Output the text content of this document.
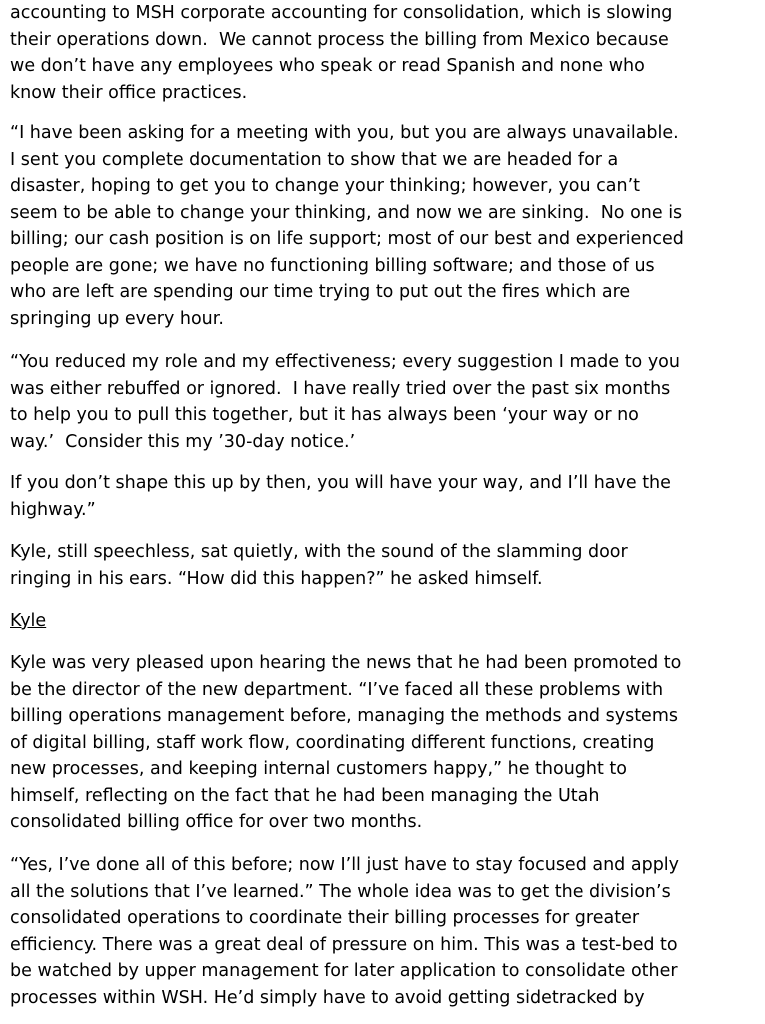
accounting to MSH corporate accounting for consolidation, which is slowing
their operations down.  We cannot process the billing from Mexico because
we don’t have any employees who speak or read Spanish and none who
know their office practices.
“I have been asking for a meeting with you, but you are always unavailable.
I sent you complete documentation to show that we are headed for a
disaster, hoping to get you to change your thinking; however, you can’t
seem to be able to change your thinking, and now we are sinking.  No one is
billing; our cash position is on life support; most of our best and experienced
people are gone; we have no functioning billing software; and those of us
who are left are spending our time trying to put out the fires which are
springing up every hour.
“You reduced my role and my effectiveness; every suggestion I made to you
was either rebuffed or ignored.  I have really tried over the past six months
to help you to pull this together, but it has always been ‘your way or no
way.’  Consider this my ’30-day notice.’
If you don’t shape this up by then, you will have your way, and I’ll have the
highway.”
Kyle, still speechless, sat quietly, with the sound of the slamming door
ringing in his ears. “How did this happen?” he asked himself.
Kyle
Kyle was very pleased upon hearing the news that he had been promoted to
be the director of the new department. “I’ve faced all these problems with
billing operations management before, managing the methods and systems
of digital billing, staff work flow, coordinating different functions, creating
new processes, and keeping internal customers happy,” he thought to
himself, reflecting on the fact that he had been managing the Utah
consolidated billing office for over two months.
“Yes, I’ve done all of this before; now I’ll just have to stay focused and apply
all the solutions that I’ve learned.” The whole idea was to get the division’s
consolidated operations to coordinate their billing processes for greater
efficiency. There was a great deal of pressure on him. This was a test-bed to
be watched by upper management for later application to consolidate other
processes within WSH. He’d simply have to avoid getting sidetracked by
